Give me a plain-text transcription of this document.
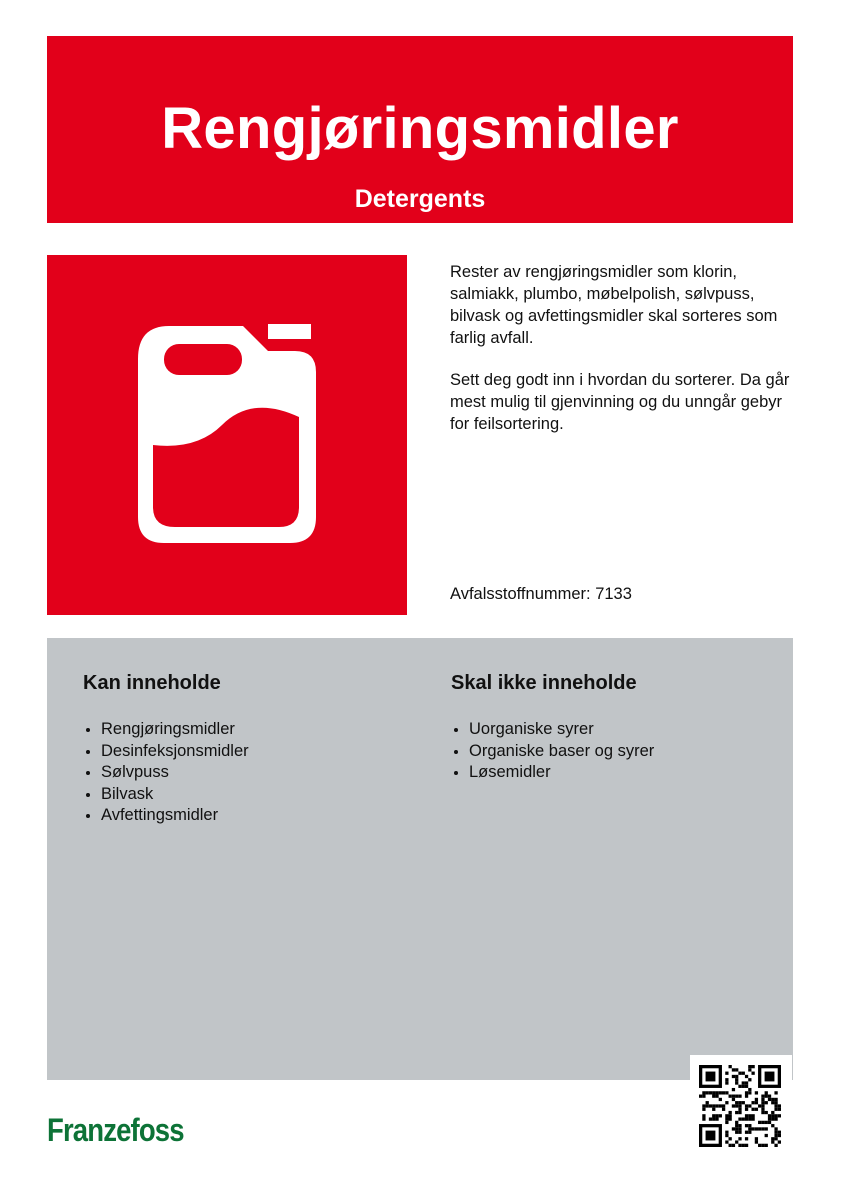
Rengjøringsmidler
Detergents

Rester av rengjøringsmidler som klorin, salmiakk, plumbo, møbelpolish, sølvpuss, bilvask og avfettingsmidler skal sorteres som farlig avfall.

Sett deg godt inn i hvordan du sorterer. Da går mest mulig til gjenvinning og du unngår gebyr for feilsortering.

Avfalsstoffnummer: 7133
Kan inneholde
Rengjøringsmidler
Desinfeksjonsmidler
Sølvpuss
Bilvask
Avfettingsmidler
Skal ikke inneholde
Uorganiske syrer
Organiske baser og syrer
Løsemidler
Franzefoss
